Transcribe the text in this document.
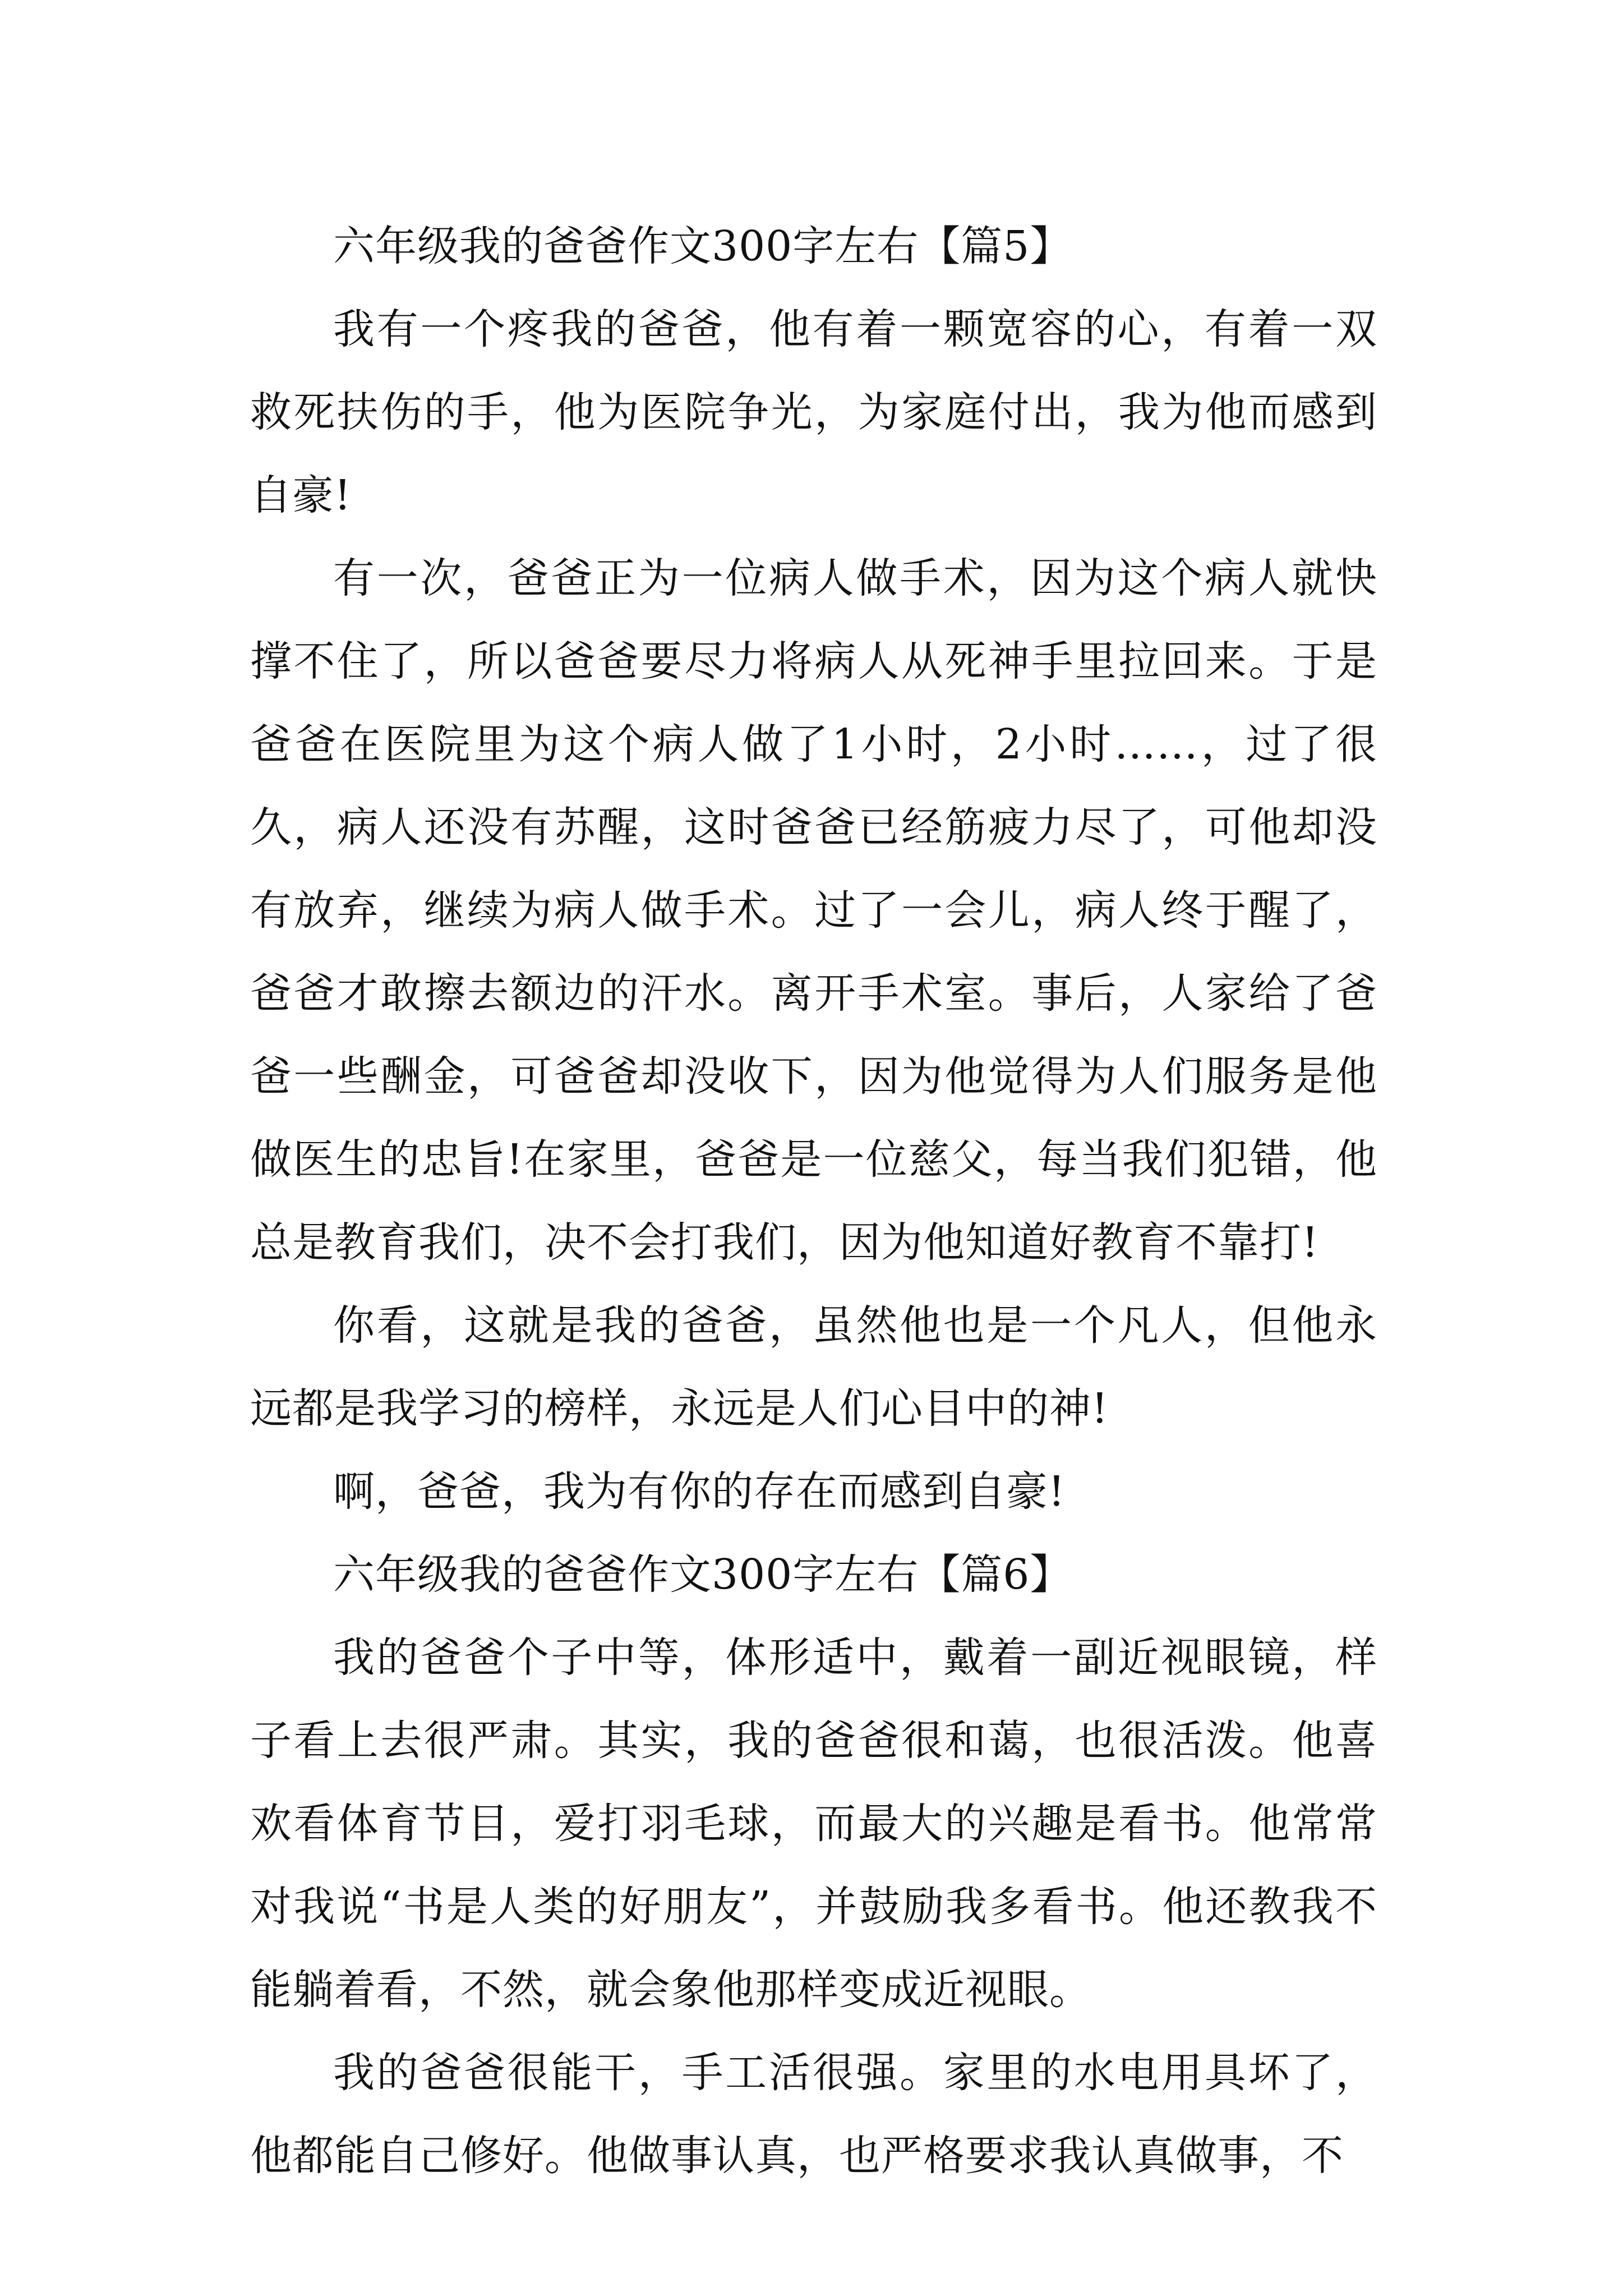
六年级我的爸爸作文300字左右【篇5】

我有一个疼我的爸爸，他有着一颗宽容的心，有着一双救死扶伤的手，他为医院争光，为家庭付出，我为他而感到自豪!

有一次，爸爸正为一位病人做手术，因为这个病人就快撑不住了，所以爸爸要尽力将病人从死神手里拉回来。于是爸爸在医院里为这个病人做了1小时，2小时……，过了很久，病人还没有苏醒，这时爸爸已经筋疲力尽了，可他却没有放弃，继续为病人做手术。过了一会儿，病人终于醒了，爸爸才敢擦去额边的汗水。离开手术室。事后，人家给了爸爸一些酬金，可爸爸却没收下，因为他觉得为人们服务是他做医生的忠旨!在家里，爸爸是一位慈父，每当我们犯错，他总是教育我们，决不会打我们，因为他知道好教育不靠打!

你看，这就是我的爸爸，虽然他也是一个凡人，但他永远都是我学习的榜样，永远是人们心目中的神!

啊，爸爸，我为有你的存在而感到自豪!

六年级我的爸爸作文300字左右【篇6】

我的爸爸个子中等，体形适中，戴着一副近视眼镜，样子看上去很严肃。其实，我的爸爸很和蔼，也很活泼。他喜欢看体育节目，爱打羽毛球，而最大的兴趣是看书。他常常对我说“书是人类的好朋友”，并鼓励我多看书。他还教我不能躺着看，不然，就会象他那样变成近视眼。

我的爸爸很能干，手工活很强。家里的水电用具坏了，他都能自己修好。他做事认真，也严格要求我认真做事，不
